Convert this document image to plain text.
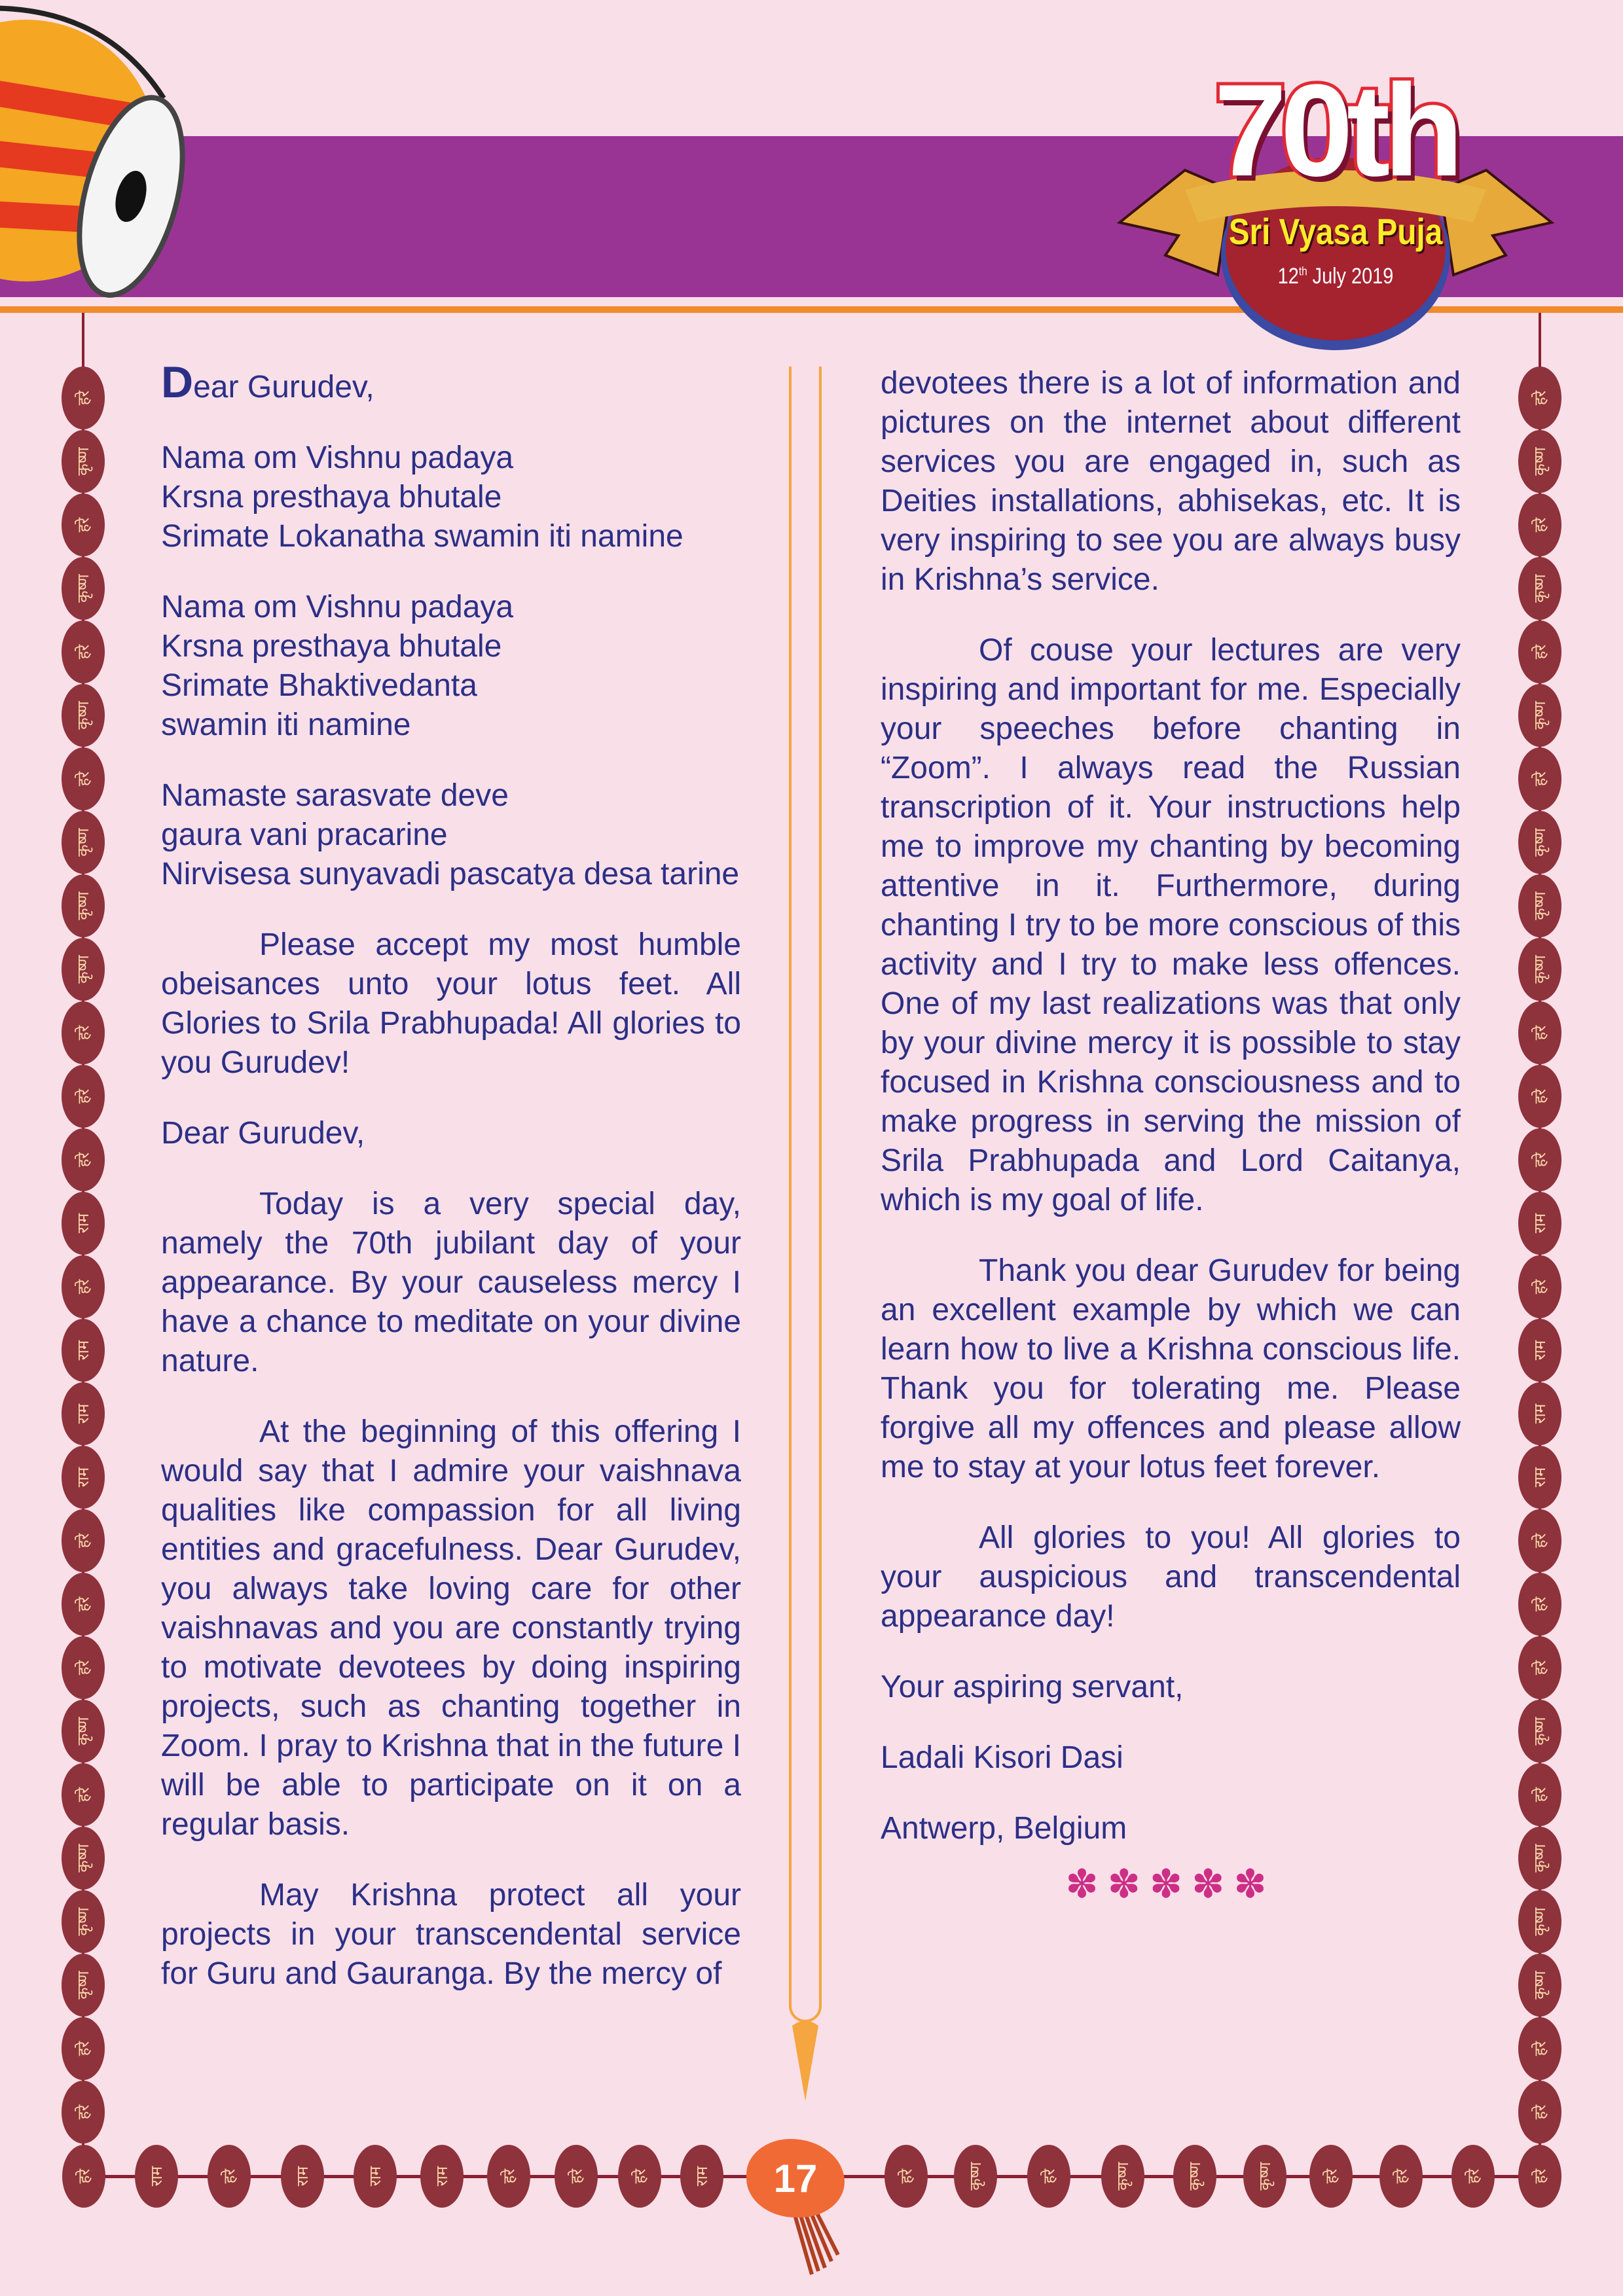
70th
Sri Vyasa Puja
12th July 2019
हरे	हरे
कृष्ण	कृष्ण
हरे	हरे
कृष्ण	कृष्ण
हरे	हरे
कृष्ण	कृष्ण
हरे	हरे
कृष्ण	कृष्ण
कृष्ण	कृष्ण
कृष्ण	कृष्ण
हरे	हरे
हरे	हरे
हरे	हरे
राम	राम
हरे	हरे
राम	राम
राम	राम
राम	राम
हरे	हरे
हरे	हरे
हरे	हरे
कृष्ण	कृष्ण
हरे	हरे
कृष्ण	कृष्ण
कृष्ण	कृष्ण
कृष्ण	कृष्ण
हरे	हरे
हरे	हरे
हरे	राम	हरे	राम	राम	राम	हरे	हरे	हरे	राम	हरे	कृष्ण	हरे	कृष्ण	कृष्ण	कृष्ण	हरे	हरे	हरे	हरे

Dear Gurudev,

Nama om Vishnu padaya
Krsna presthaya bhutale
Srimate Lokanatha swamin iti namine

Nama om Vishnu padaya
Krsna presthaya bhutale
Srimate Bhaktivedanta
swamin iti namine

Namaste sarasvate deve
gaura vani pracarine
Nirvisesa sunyavadi pascatya desa tarine

Please accept my most humble obeisances unto your lotus feet. All Glories to Srila Prabhupada! All glories to you Gurudev!

Dear Gurudev,

Today is a very special day, namely the 70th jubilant day of your appearance. By your causeless mercy I have a chance to meditate on your divine nature.

At the beginning of this offering I would say that I admire your vaishnava qualities like compassion for all living entities and gracefulness. Dear Gurudev, you always take loving care for other vaishnavas and you are constantly trying to motivate devotees by doing inspiring projects, such as chanting together in Zoom. I pray to Krishna that in the future I will be able to participate on it on a regular basis.

May Krishna protect all your projects in your transcendental service for Guru and Gauranga. By the mercy of

devotees there is a lot of information and pictures on the internet about different services you are engaged in, such as Deities installations, abhisekas, etc. It is very inspiring to see you are always busy in Krishna’s service.

Of couse your lectures are very inspiring and important for me. Especially your speeches before chanting in “Zoom”. I always read the Russian transcription of it. Your instructions help me to improve my chanting by becoming attentive in it. Furthermore, during chanting I try to be more conscious of this activity and I try to make less offences. One of my last realizations was that only by your divine mercy it is possible to stay focused in Krishna consciousness and to make progress in serving the mission of Srila Prabhupada and Lord Caitanya, which is my goal of life.

Thank you dear Gurudev for being an excellent example by which we can learn how to live a Krishna conscious life. Thank you for tolerating me. Please forgive all my offences and please allow me to stay at your lotus feet forever.

All glories to you! All glories to your auspicious and transcendental appearance day!

Your aspiring servant,

Ladali Kisori Dasi

Antwerp, Belgium

✽✽✽✽✽
17
